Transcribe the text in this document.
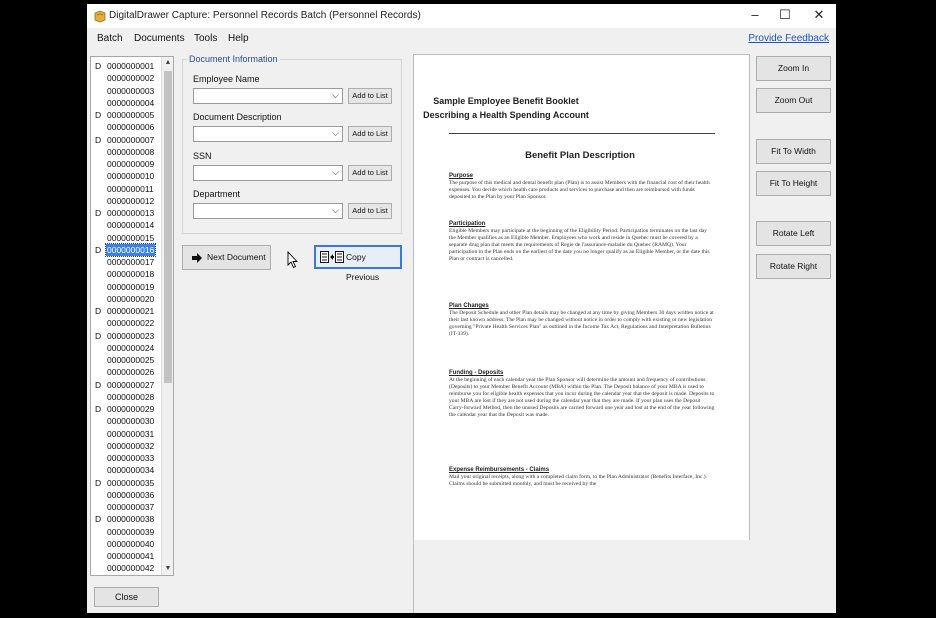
DigitalDrawer Capture: Personnel Records Batch (Personnel Records)	–	☐	✕
Batch Documents Tools Help	Provide Feedback
D 0000000001
0000000002
0000000003
0000000004
D 0000000005
0000000006
D 0000000007
0000000008
0000000009
0000000010
0000000011
0000000012
D 0000000013
0000000014
0000000015
D 0000000016
0000000017
0000000018
0000000019
0000000020
D 0000000021
0000000022
D 0000000023
0000000024
0000000025
0000000026
D 0000000027
0000000028
D 0000000029
0000000030
0000000031
0000000032
0000000033
0000000034
D 0000000035
0000000036
0000000037
D 0000000038
0000000039
0000000040
0000000041
0000000042
▲
▼
Close
Document Information
Employee Name
⌵	Add to List
Document Description
⌵	Add to List
SSN
⌵	Add to List
Department
⌵	Add to List
Next Document	Copy Previous
Zoom In
Zoom Out
Fit To Width
Fit To Height
Rotate Left
Rotate Right
Sample Employee Benefit Booklet
Describing a Health Spending Account
Benefit Plan Description
Purpose
The purpose of this medical and dental benefit plan (Plan) is to assist Members with the financial cost of their health expenses. You decide which health care products and services to purchase and then are reimbursed with funds deposited to the Plan by your Plan Sponsor.
Participation
Eligible Members may participate at the beginning of the Eligibility Period. Participation terminates on the last day the Member qualifies as an Eligible Member. Employees who work and reside in Quebec must be covered by a separate drug plan that meets the requirements of Regie de l'assurance-maladie du Quebec (RAMQ). Your participation in the Plan ends on the earliest of the date you no longer qualify as an Eligible Member, or the date this Plan or contract is cancelled.
Plan Changes
The Deposit Schedule and other Plan details may be changed at any time by giving Members 30 days written notice at their last known address. The Plan may be changed without notice in order to comply with existing or new legislation governing "Private Health Services Plan" as outlined in the Income Tax Act, Regulations and Interpretation Bulletins (IT-339).
Funding - Deposits
At the beginning of each calendar year the Plan Sponsor will determine the amount and frequency of contributions (Deposits) to your Member Benefit Account (MBA) within the Plan. The Deposit balance of your MBA is used to reimburse you for eligible health expenses that you incur during the calendar year that the deposit is made. Deposits to your MBA are lost if they are not used during the calendar year that they are made. If your plan uses the Deposit Carry-forward Method, then the unused Deposits are carried forward one year and lost at the end of the year following the calendar year that the Deposit was made.
Expense Reimbursements - Claims
Mail your original receipts, along with a completed claim form, to the Plan Administrator (Benefits Interface, Inc.). Claims should be submitted monthly, and must be received by the
